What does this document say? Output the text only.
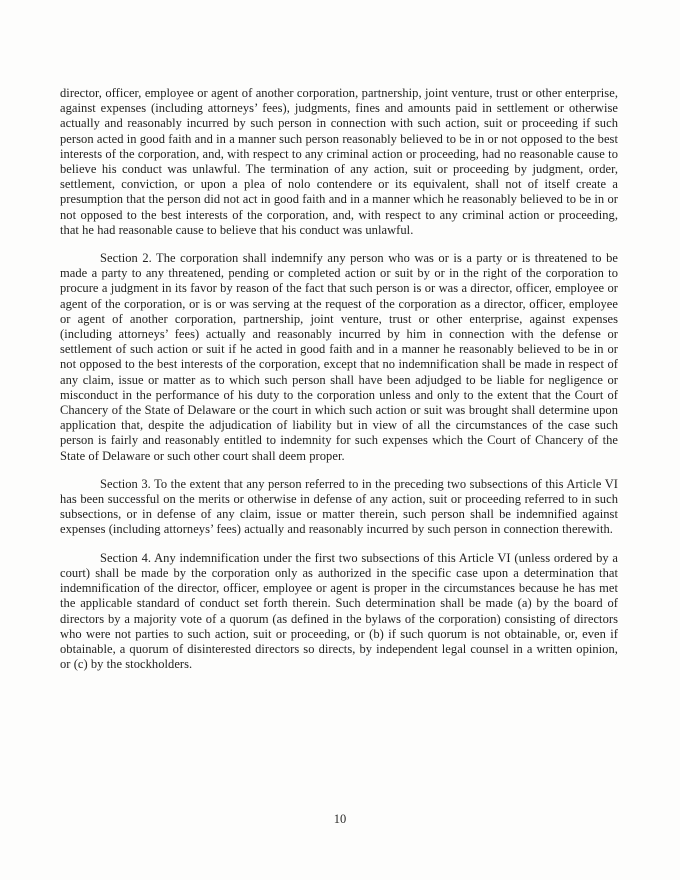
director, officer, employee or agent of another corporation, partnership, joint venture, trust or other enterprise, against expenses (including attorneys’ fees), judgments, fines and amounts paid in settlement or otherwise actually and reasonably incurred by such person in connection with such action, suit or proceeding if such person acted in good faith and in a manner such person reasonably believed to be in or not opposed to the best interests of the corporation, and, with respect to any criminal action or proceeding, had no reasonable cause to believe his conduct was unlawful. The termination of any action, suit or proceeding by judgment, order, settlement, conviction, or upon a plea of nolo contendere or its equivalent, shall not of itself create a presumption that the person did not act in good faith and in a manner which he reasonably believed to be in or not opposed to the best interests of the corporation, and, with respect to any criminal action or proceeding, that he had reasonable cause to believe that his conduct was unlawful.

Section 2. The corporation shall indemnify any person who was or is a party or is threatened to be made a party to any threatened, pending or completed action or suit by or in the right of the corporation to procure a judgment in its favor by reason of the fact that such person is or was a director, officer, employee or agent of the corporation, or is or was serving at the request of the corporation as a director, officer, employee or agent of another corporation, partnership, joint venture, trust or other enterprise, against expenses (including attorneys’ fees) actually and reasonably incurred by him in connection with the defense or settlement of such action or suit if he acted in good faith and in a manner he reasonably believed to be in or not opposed to the best interests of the corporation, except that no indemnification shall be made in respect of any claim, issue or matter as to which such person shall have been adjudged to be liable for negligence or misconduct in the performance of his duty to the corporation unless and only to the extent that the Court of Chancery of the State of Delaware or the court in which such action or suit was brought shall determine upon application that, despite the adjudication of liability but in view of all the circumstances of the case such person is fairly and reasonably entitled to indemnity for such expenses which the Court of Chancery of the State of Delaware or such other court shall deem proper.

Section 3. To the extent that any person referred to in the preceding two subsections of this Article VI has been successful on the merits or otherwise in defense of any action, suit or proceeding referred to in such subsections, or in defense of any claim, issue or matter therein, such person shall be indemnified against expenses (including attorneys’ fees) actually and reasonably incurred by such person in connection therewith.

Section 4. Any indemnification under the first two subsections of this Article VI (unless ordered by a court) shall be made by the corporation only as authorized in the specific case upon a determination that indemnification of the director, officer, employee or agent is proper in the circumstances because he has met the applicable standard of conduct set forth therein. Such determination shall be made (a) by the board of directors by a majority vote of a quorum (as defined in the bylaws of the corporation) consisting of directors who were not parties to such action, suit or proceeding, or (b) if such quorum is not obtainable, or, even if obtainable, a quorum of disinterested directors so directs, by independent legal counsel in a written opinion, or (c) by the stockholders.

10
